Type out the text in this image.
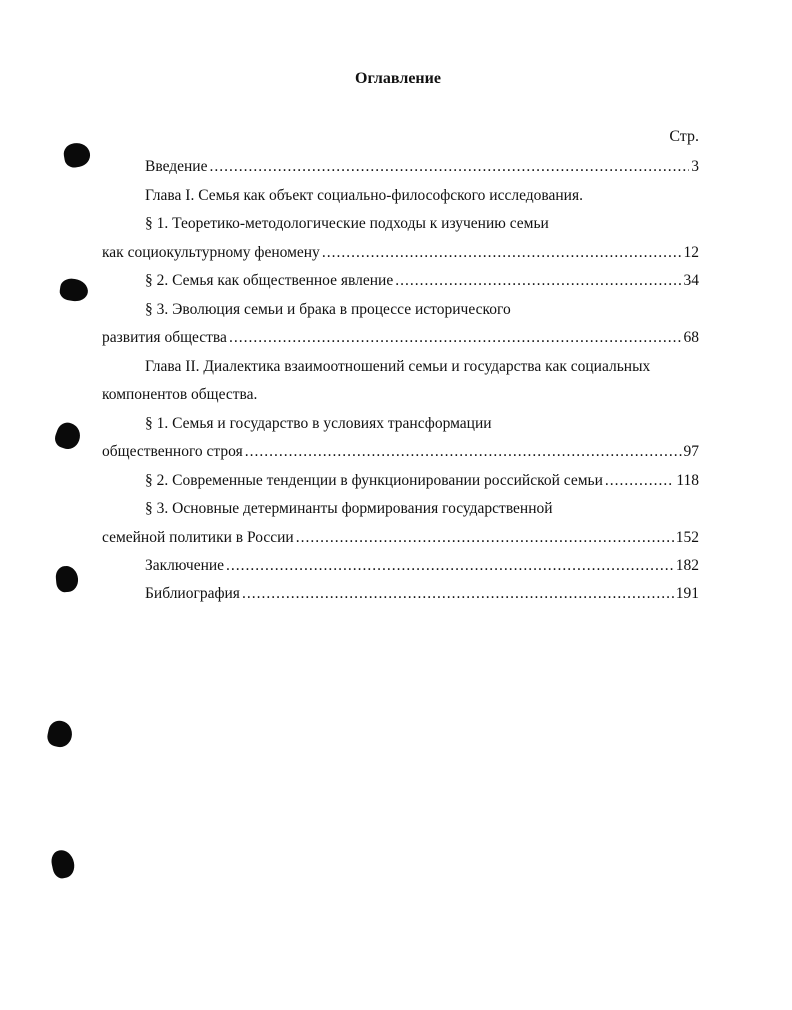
Оглавление
Стр.
Введение .....	3
Глава I. Семья как объект социально-философского исследования.
§ 1. Теоретико-методологические подходы к изучению семьи
как социокультурному феномену .....	12
§ 2. Семья как общественное явление .....	34
§ 3. Эволюция семьи и брака в процессе исторического
развития общества .....	68
Глава II. Диалектика взаимоотношений семьи и государства как социальных
компонентов общества.
§ 1. Семья и государство в условиях трансформации
общественного строя .....	97
§ 2. Современные тенденции в функционировании российской семьи .....	118
§ 3. Основные детерминанты формирования государственной
семейной политики в России .....	152
Заключение .....	182
Библиография .....	191
